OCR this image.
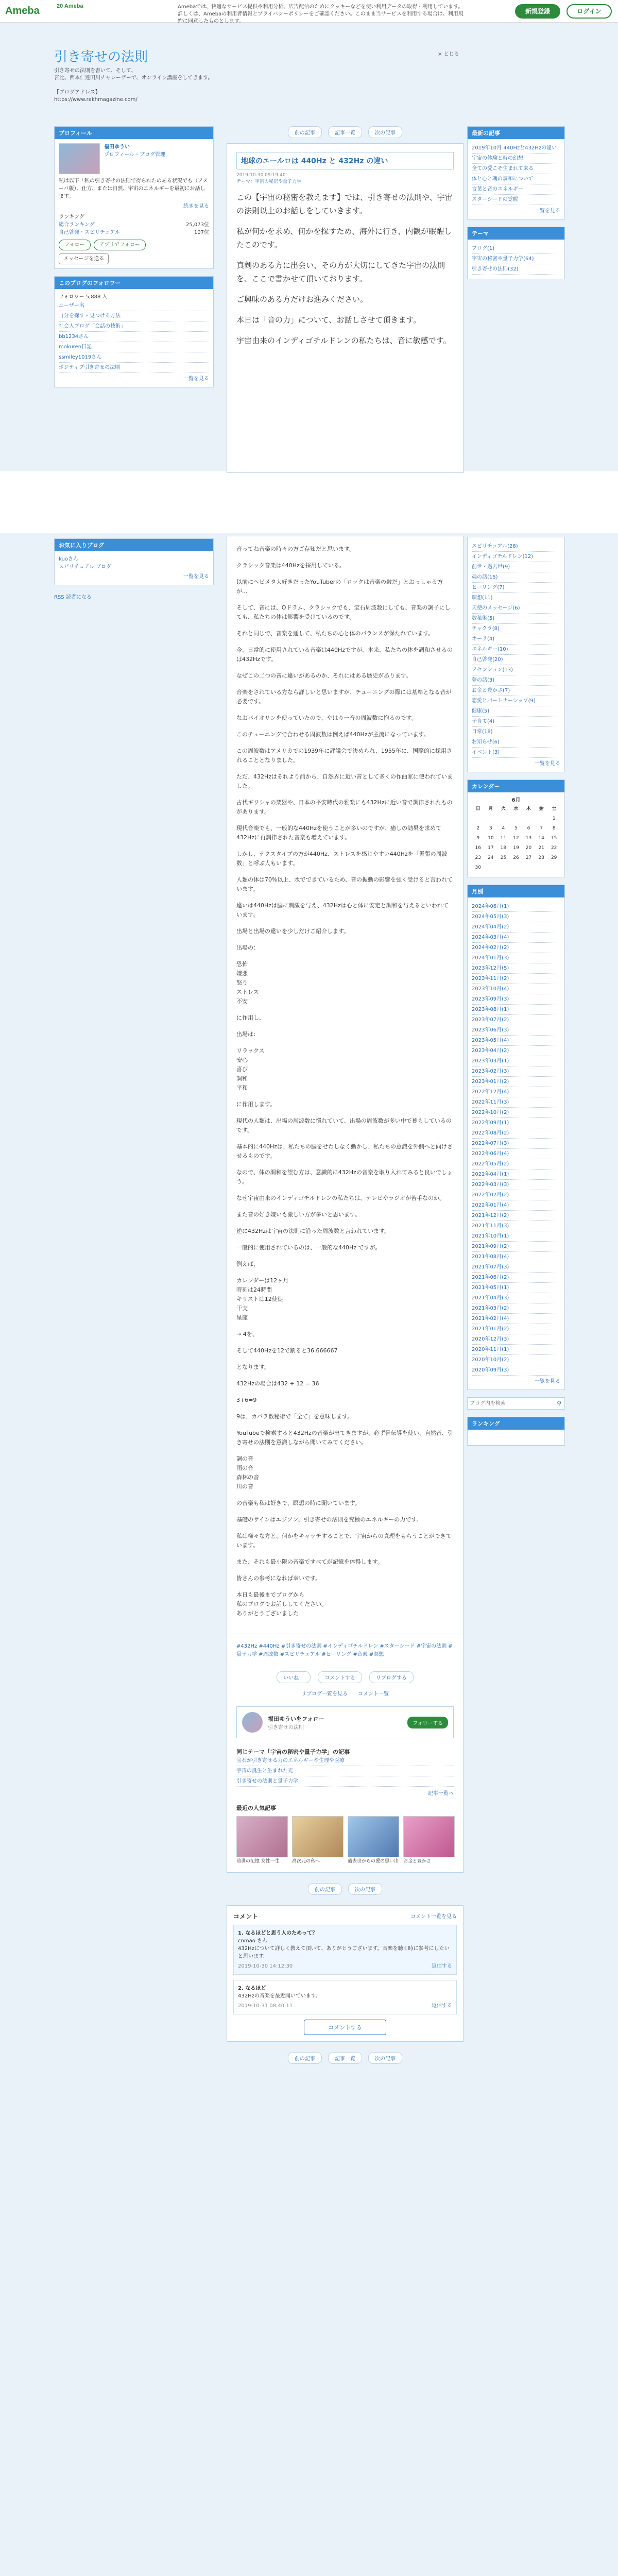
Ameba	20 Ameba	Amebaでは、快適なサービス提供や利用分析、広告配信のためにクッキーなどを使い利用データの取得・利用しています。詳しくは、Amebaの利用者情報とプライバシーポリシーをご確認ください。このまま当サービスを利用する場合は、利用規約に同意したものとします。
新規登録	ログイン
× とじる
引き寄せの法則
引き寄せの法則を書いて、そして、
宮比、西本仁達田川チャレーザーで、オンライン講座をしてきます。

【ブログアドレス】
https://www.rakhmagazine.com/
プロフィール
福田ゆうい
プロフィール・ブログ管理
私は以下「私の引き寄せの法則で得られたのある状況でも（アメーバ版）、仕方、または自然、宇宙のエネルギーを最初にお話します。
続きを見る
ランキング
総合ランキング	25,073位
自己啓発・スピリチュアル	107位
フォロー	アプリでフォロー
メッセージを送る
このブログのフォロワー
フォロワー 5,888 人
ユーザー名
自分を探す・見つける方法
社会人ブログ「会話の技術」
bb1234さん
mokuren日記
ssmiley1019さん
ポジティブ引き寄せの法則
一覧を見る
お気に入りブログ
kuoさん
スピリチュアル ブログ
一覧を見る
RSS 読者になる
前の記事	記事一覧	次の記事
地球のエールロは 440Hz と 432Hz の違い
2019-10-30 09:19:40
テーマ：宇宙の秘密や量子力学
この【宇宙の秘密を教えます】では、引き寄せの法則や、宇宙の法則以上のお話しをしていきます。
私が何かを求め、何かを探すため、海外に行き、内観が眠醒したこのです。
真剣のある方に出会い、その方が大切にしてきた宇宙の法則を、ここで書かせて頂いております。
ご興味のある方だけお進みください。
本日は「音の力」について、お話しさせて頂きます。
宇宙由来のインディゴチルドレンの私たちは、音に敏感です。
音ってね音楽の時々の方ご存知だと思います。
クラシック音楽は440Hzを採用している。
以前にヘビメタ大好きだったYouTuberの「ロックは音楽の敵だ」とおっしゃる方が...
そして、音には、Oドラム、クラシックでも、宝石周波数にしても、音楽の調子にしても、私たちの体は影響を受けているのです。
それと同じで、音楽を通して、私たちの心と体のバランスが保たれています。
今、日常的に使用されている音楽は440Hzですが、本来、私たちの体を調和させるのは432Hzです。
なぜこの二つの音に違いがあるのか、それにはある歴史があります。
音楽をされている方なら詳しいと思いますが、チューニングの際には基準となる音が必要です。
なおパイオリンを使っていたので、やはり一音の周波数に拘るのです。
このチューニングで合わせる周波数は例えば440Hzが主流になっています。
この周波数はアメリカでの1939年に評議会で決められ、1955年に、国際的に採用されることとなりました。
ただ、432Hzはそれより前から、自然界に近い音として多くの作曲家に使われていました。
古代ギリシャの楽器や、日本の平安時代の雅楽にも432Hzに近い音で調律されたものがあります。
現代音楽でも、一般的な440Hzを使うことが多いのですが、癒しの効果を求めて432Hzに再調律された音楽も増えています。
しかし、テクスタイプの方が440Hz、ストレスを感じやすい440Hzを「緊張の周波数」と呼ぶ人もいます。
人類の体は70%以上、水でできているため、音の振動の影響を強く受けると言われています。
違いは440Hzは脳に刺激を与え、432Hzは心と体に安定と調和を与えるといわれています。
出場と出場の違いを少しだけご紹介します。
出場の：
恐怖
嫌悪
怒り
ストレス
不安
に作用し、
出場は：
リラックス
安心
喜び
調和
平和
に作用します。
現代の人類は、出場の周波数に慣れていて、出場の周波数が多い中で暮らしているのです。
基本的に440Hzは、私たちの脳をせわしなく動かし、私たちの意識を外側へと向けさせるものです。
なので、体の調和を望む方は、意識的に432Hzの音楽を取り入れてみると良いでしょう。
なぜ宇宙由来のインディゴチルドレンの私たちは、テレビやラジオが苦手なのか。
また音の好き嫌いも激しい方が多いと思います。
逆に432Hzは宇宙の法則に沿った周波数と言われています。
一般的に使用されているのは、一般的な440Hz ですが。
例えば、
カレンダーは12ヶ月
時刻は24時間
キリストは12使徒
干支
星座
→ 4を、
そして440Hzを12で割ると36.666667
となります。
432Hzの場合は432 ÷ 12 = 36
3+6=9
9は、カバラ数秘術で「全て」を意味します。
YouTubeで検索すると432Hzの音楽が出てきますが、必ず骨伝導を使い、自然音、引き寄せの法則を意識しながら聞いてみてください。
調の音
雨の音
森林の音
川の音
の音楽も私は好きで、瞑想の時に聞いています。
基礎のサインはエジソン、引き寄せの法則を究極のエネルギーの力です。
私は様々な方と、何かをキャッチすることで、宇宙からの真理をもらうことができています。
また、それも最小限の音楽ですべてが記憶を体得します。
皆さんの参考になれば幸いです。
本日も最後までブログから
私のブログでお話ししてください。
ありがとうございました
#432Hz #440Hz #引き寄せの法則 #インディゴチルドレン #スターシード #宇宙の法則 #量子力学 #周波数 #スピリチュアル #ヒーリング #音楽 #瞑想
いいね！	コメントする	リブログする
リブログ一覧を見る コメント一覧
福田ゆういをフォロー
引き寄せの法則
フォローする
同じテーマ「宇宙の秘密や量子力学」の記事
宝石が引き寄せる力のエネルギーや生理や医療
宇宙の誕生と生まれた光
引き寄せの法則と量子力学
記事一覧へ
最近の人気記事
前世の記憶 女性一生	高次元の私へ	過去世からの愛の思い出 お金と豊かさ
前の記事	次の記事
コメント	コメント一覧を見る
1. なるほどと思う人のためって？
cnmao さん
432Hzについて詳しく教えて頂いて、ありがとうございます。音楽を聴く時に参考にしたいと思います。
2019-10-30 14:12:30	返信する
2. なるほど
432Hzの音楽を最近聞いています。
2019-10-31 08:40:11	返信する
コメントする
前の記事	記事一覧	次の記事
最新の記事
2019年10月 440Hzと432Hzの違い
宇宙の体験と時の幻想
全ての愛こそ生まれて来る
体と心と魂の調和について
言葉と音のエネルギー
スターシードの覚醒
一覧を見る
テーマ
ブログ(1)
宇宙の秘密や量子力学(64)
引き寄せの法則(32)
スピリチュアル(28)
インディゴチルドレン(12)
前世・過去世(9)
魂の話(15)
ヒーリング(7)
瞑想(11)
天使のメッセージ(6)
数秘術(5)
チャクラ(8)
オーラ(4)
エネルギー(10)
自己啓発(20)
アセンション(13)
夢の話(3)
お金と豊かさ(7)
恋愛とパートナーシップ(9)
健康(5)
子育て(4)
日常(18)
お知らせ(6)
イベント(3)
一覧を見る
カレンダー
6月
日	月	火	水	木	金	土
						1
2	3	4	5	6	7	8
9	10	11	12	13	14	15
16	17	18	19	20	21	22
23	24	25	26	27	28	29
30						
月別
2024年06月(1)
2024年05月(3)
2024年04月(2)
2024年03月(4)
2024年02月(2)
2024年01月(3)
2023年12月(5)
2023年11月(2)
2023年10月(4)
2023年09月(3)
2023年08月(1)
2023年07月(2)
2023年06月(3)
2023年05月(4)
2023年04月(2)
2023年03月(1)
2023年02月(3)
2023年01月(2)
2022年12月(4)
2022年11月(3)
2022年10月(2)
2022年09月(1)
2022年08月(2)
2022年07月(3)
2022年06月(4)
2022年05月(2)
2022年04月(1)
2022年03月(3)
2022年02月(2)
2022年01月(4)
2021年12月(2)
2021年11月(3)
2021年10月(1)
2021年09月(2)
2021年08月(4)
2021年07月(3)
2021年06月(2)
2021年05月(1)
2021年04月(3)
2021年03月(2)
2021年02月(4)
2021年01月(2)
2020年12月(3)
2020年11月(1)
2020年10月(2)
2020年09月(3)
一覧を見る
ブログ内を検索
⚲
ランキング
